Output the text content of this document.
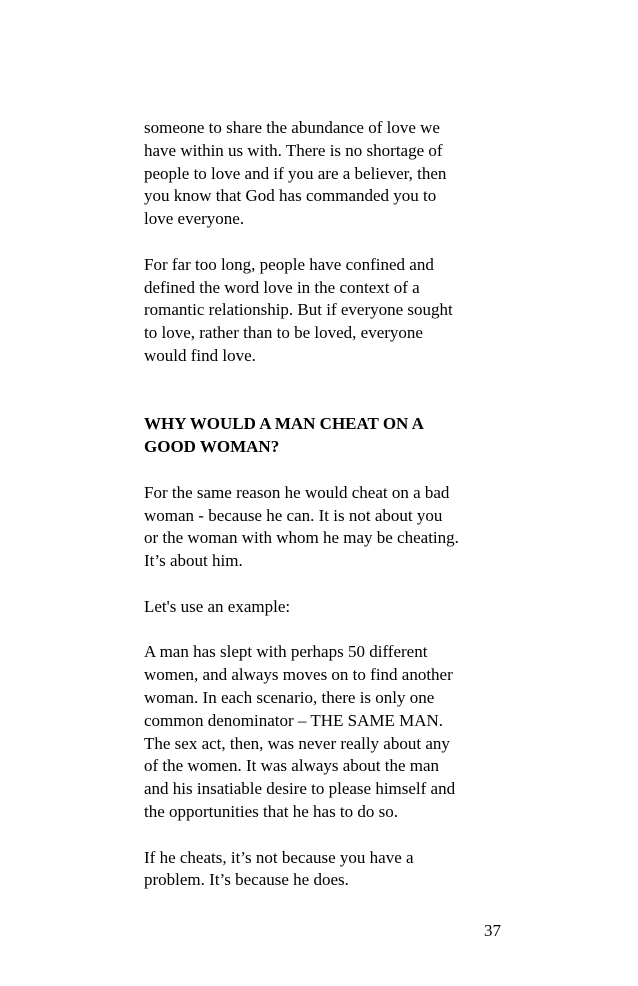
someone to share the abundance of love we
have within us with. There is no shortage of
people to love and if you are a believer, then
you know that God has commanded you to
love everyone.

For far too long, people have confined and
defined the word love in the context of a
romantic relationship. But if everyone sought
to love, rather than to be loved, everyone
would find love.

WHY WOULD A MAN CHEAT ON A
GOOD WOMAN?

For the same reason he would cheat on a bad
woman - because he can. It is not about you
or the woman with whom he may be cheating.
It’s about him.

Let's use an example:

A man has slept with perhaps 50 different
women, and always moves on to find another
woman. In each scenario, there is only one
common denominator – THE SAME MAN.
The sex act, then, was never really about any
of the women. It was always about the man
and his insatiable desire to please himself and
the opportunities that he has to do so.

If he cheats, it’s not because you have a
problem. It’s because he does.

37
